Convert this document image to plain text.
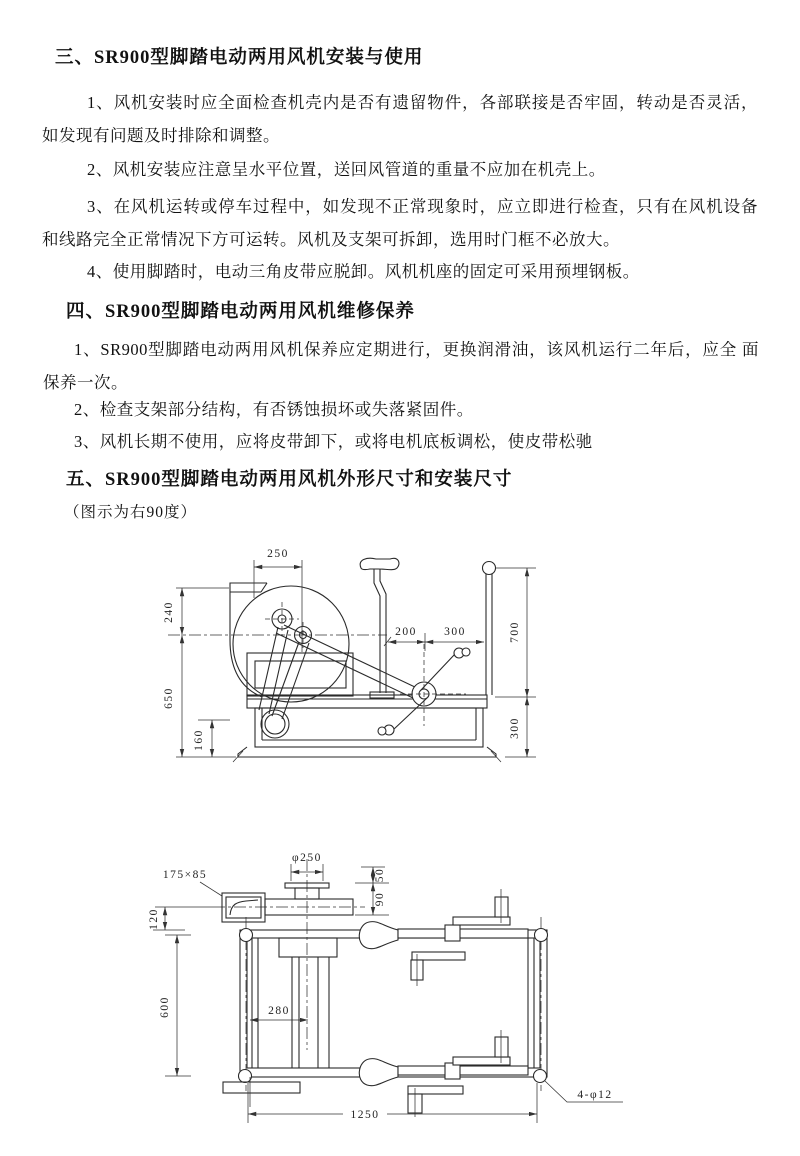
三、SR900型脚踏电动两用风机安装与使用
1、风机安装时应全面检查机壳内是否有遗留物件，各部联接是否牢固，转动是否灵活，如发现有问题及时排除和调整。
2、风机安装应注意呈水平位置，送回风管道的重量不应加在机壳上。
3、在风机运转或停车过程中，如发现不正常现象时，应立即进行检查，只有在风机设备和线路完全正常情况下方可运转。风机及支架可拆卸，选用时门框不必放大。
4、使用脚踏时，电动三角皮带应脱卸。风机机座的固定可采用预埋钢板。
四、SR900型脚踏电动两用风机维修保养
1、SR900型脚踏电动两用风机保养应定期进行，更换润滑油，该风机运行二年后，应全 面保养一次。
2、检查支架部分结构，有否锈蚀损坏或失落紧固件。
3、风机长期不使用，应将皮带卸下，或将电机底板调松，使皮带松驰
五、SR900型脚踏电动两用风机外形尺寸和安装尺寸
（图示为右90度）
250
240
650
160
200 300	700
300
φ250
175×85	50
90
120
600	280
1250
4-φ12
